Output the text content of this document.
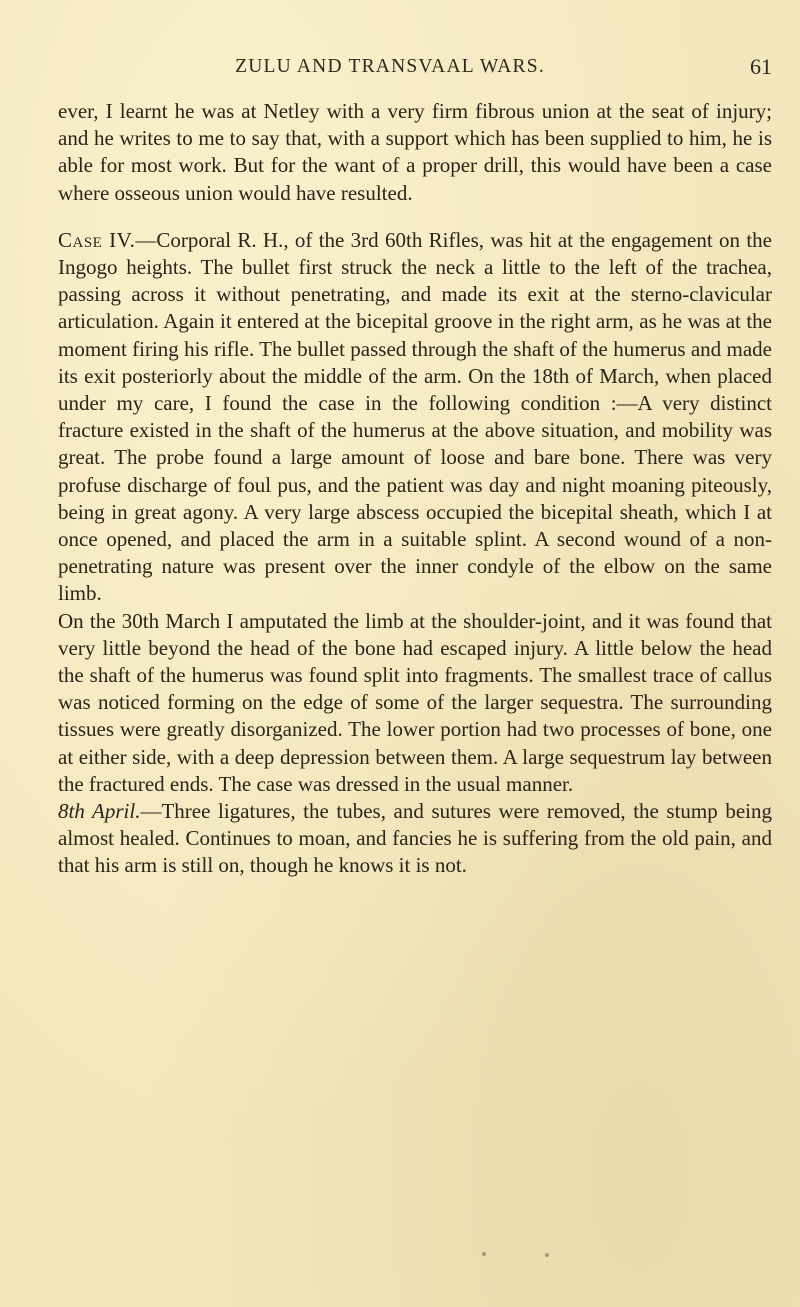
ZULU AND TRANSVAAL WARS.	61

ever, I learnt he was at Netley with a very firm fibrous union at the seat of injury; and he writes to me to say that, with a support which has been supplied to him, he is able for most work. But for the want of a proper drill, this would have been a case where osseous union would have resulted.

Case IV.—Corporal R. H., of the 3rd 60th Rifles, was hit at the engagement on the Ingogo heights. The bullet first struck the neck a little to the left of the trachea, passing across it without penetrating, and made its exit at the sterno-clavicular articulation. Again it entered at the bicepital groove in the right arm, as he was at the moment firing his rifle. The bullet passed through the shaft of the humerus and made its exit posteriorly about the middle of the arm. On the 18th of March, when placed under my care, I found the case in the following condition :—A very distinct fracture existed in the shaft of the humerus at the above situation, and mobility was great. The probe found a large amount of loose and bare bone. There was very profuse discharge of foul pus, and the patient was day and night moaning piteously, being in great agony. A very large abscess occupied the bicepital sheath, which I at once opened, and placed the arm in a suitable splint. A second wound of a non-penetrating nature was present over the inner condyle of the elbow on the same limb.

On the 30th March I amputated the limb at the shoulder-joint, and it was found that very little beyond the head of the bone had escaped injury. A little below the head the shaft of the humerus was found split into fragments. The smallest trace of callus was noticed forming on the edge of some of the larger sequestra. The surrounding tissues were greatly disorganized. The lower portion had two processes of bone, one at either side, with a deep depression between them. A large sequestrum lay between the fractured ends. The case was dressed in the usual manner.

8th April.—Three ligatures, the tubes, and sutures were removed, the stump being almost healed. Continues to moan, and fancies he is suffering from the old pain, and that his arm is still on, though he knows it is not.
